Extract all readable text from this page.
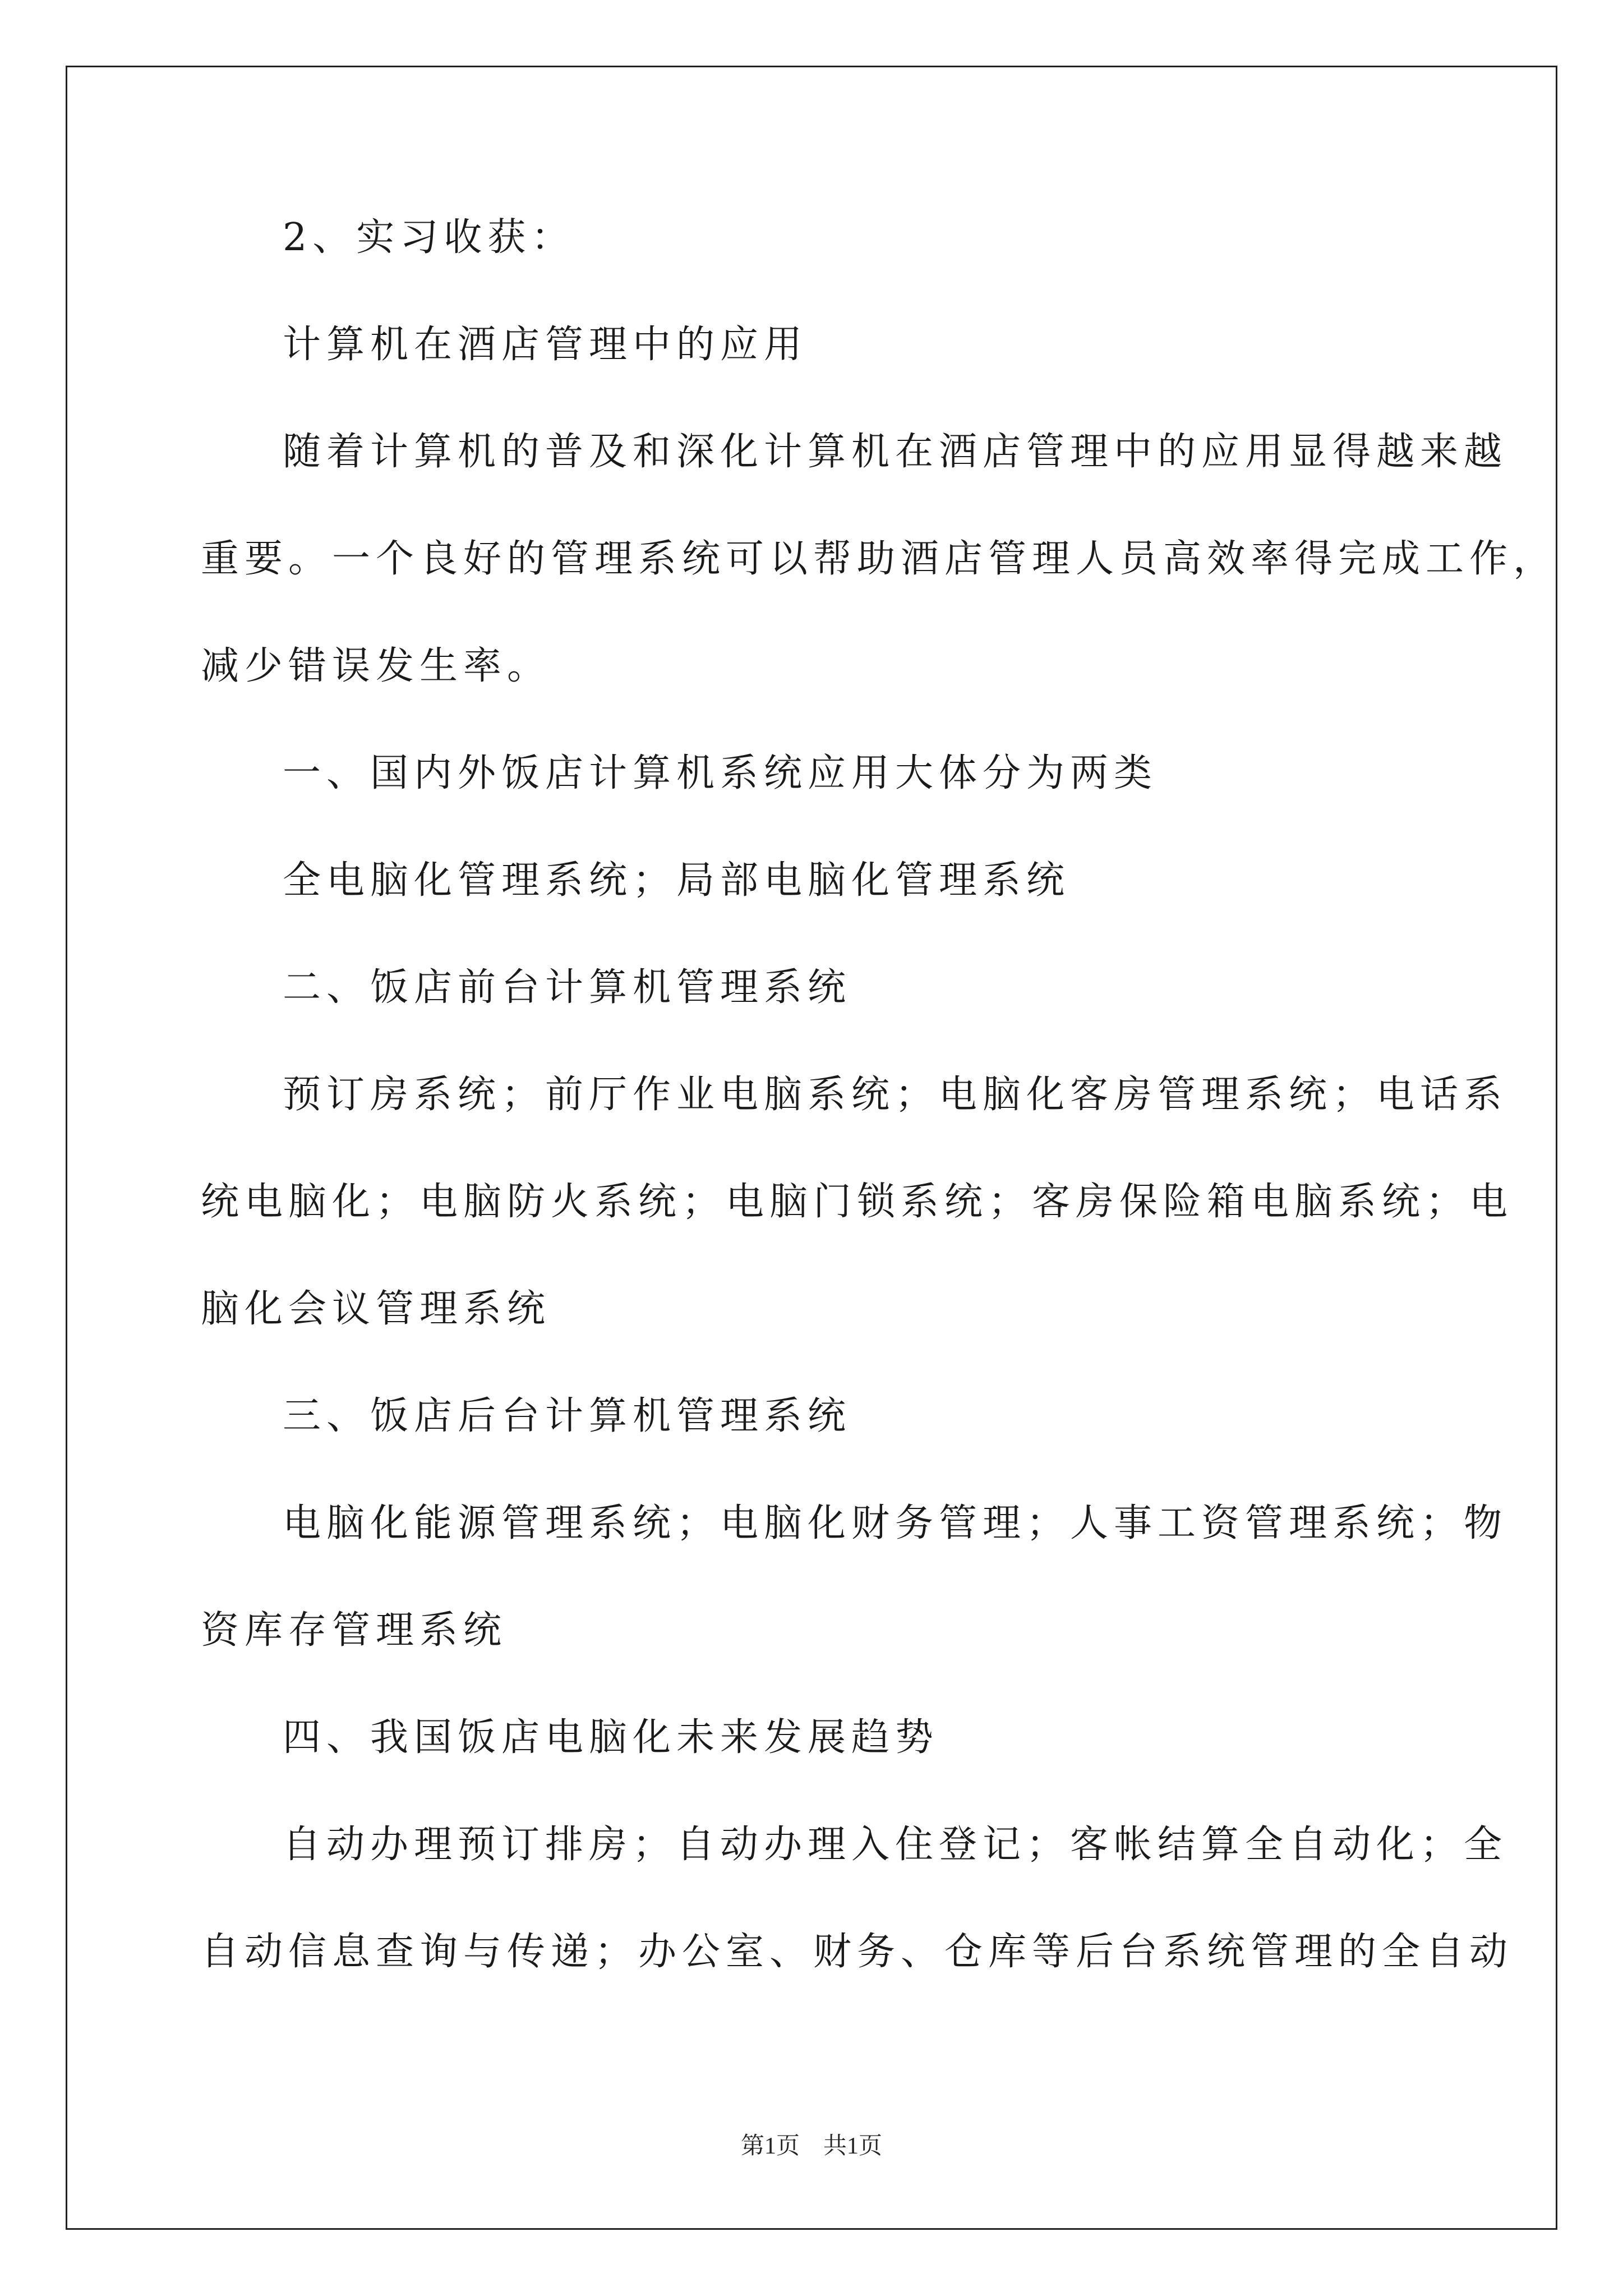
2、实习收获：

计算机在酒店管理中的应用

随着计算机的普及和深化计算机在酒店管理中的应用显得越来越

重要。一个良好的管理系统可以帮助酒店管理人员高效率得完成工作，

减少错误发生率。

一、国内外饭店计算机系统应用大体分为两类

全电脑化管理系统；局部电脑化管理系统

二、饭店前台计算机管理系统

预订房系统；前厅作业电脑系统；电脑化客房管理系统；电话系

统电脑化；电脑防火系统；电脑门锁系统；客房保险箱电脑系统；电

脑化会议管理系统

三、饭店后台计算机管理系统

电脑化能源管理系统；电脑化财务管理；人事工资管理系统；物

资库存管理系统

四、我国饭店电脑化未来发展趋势

自动办理预订排房；自动办理入住登记；客帐结算全自动化；全

自动信息查询与传递；办公室、财务、仓库等后台系统管理的全自动

第1页　共1页
